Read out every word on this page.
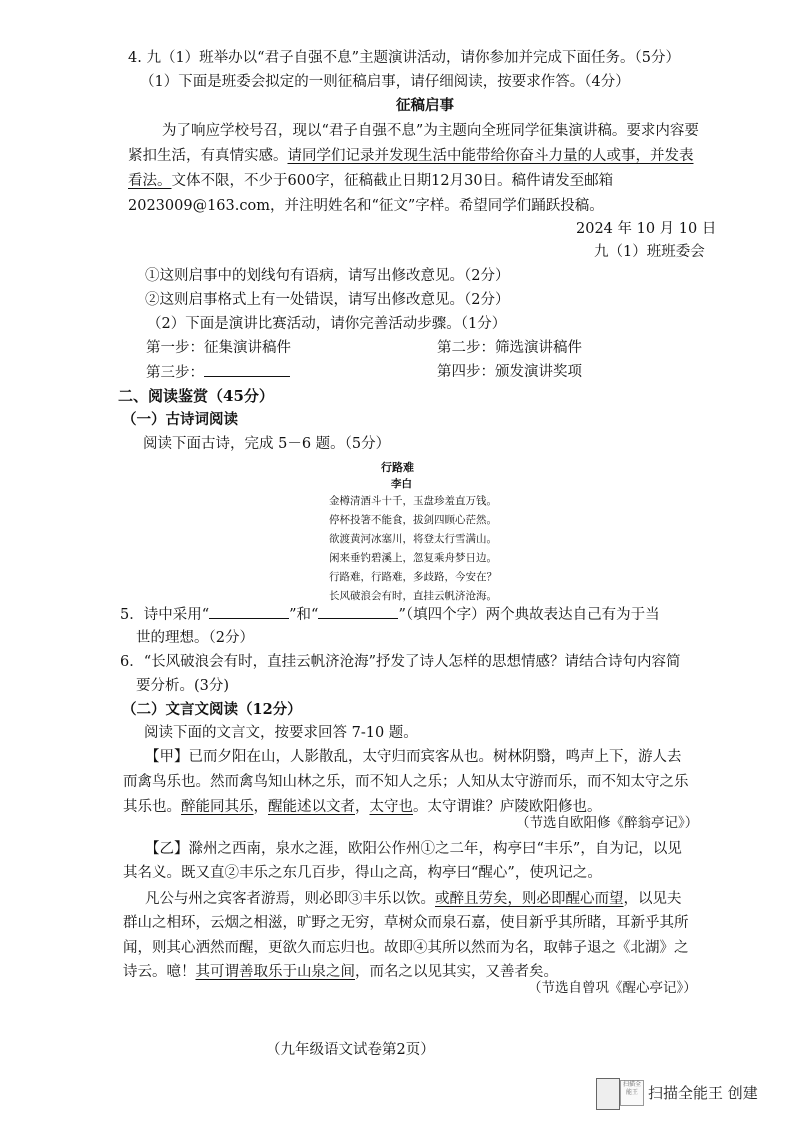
4. 九（1）班举办以“君子自强不息”主题演讲活动，请你参加并完成下面任务。（5分）
（1）下面是班委会拟定的一则征稿启事，请仔细阅读，按要求作答。（4分）
征稿启事
为了响应学校号召，现以“君子自强不息”为主题向全班同学征集演讲稿。要求内容要
紧扣生活，有真情实感。请同学们记录并发现生活中能带给你奋斗力量的人或事，并发表
看法。文体不限，不少于600字，征稿截止日期12月30日。稿件请发至邮箱
2023009@163.com，并注明姓名和“征文”字样。希望同学们踊跃投稿。
2024 年 10 月 10 日
九（1）班班委会
①这则启事中的划线句有语病，请写出修改意见。（2分）
②这则启事格式上有一处错误，请写出修改意见。（2分）
（2）下面是演讲比赛活动，请你完善活动步骤。（1分）
第一步：征集演讲稿件	第二步：筛选演讲稿件
第三步：	第四步：颁发演讲奖项
二、阅读鉴赏（45分）
（一）古诗词阅读
阅读下面古诗，完成 5－6 题。（5分）
行路难
李白
金樽清酒斗十千，玉盘珍羞直万钱。
停杯投箸不能食，拔剑四顾心茫然。
欲渡黄河冰塞川，将登太行雪满山。
闲来垂钓碧溪上，忽复乘舟梦日边。
行路难，行路难，多歧路，今安在？
长风破浪会有时，直挂云帆济沧海。
5．诗中采用“	”和“	”（填四个字）两个典故表达自己有为于当
世的理想。（2分）
6．“长风破浪会有时，直挂云帆济沧海”抒发了诗人怎样的思想情感？请结合诗句内容简
要分析。(3分)
（二）文言文阅读（12分）
阅读下面的文言文，按要求回答 7-10 题。
【甲】已而夕阳在山，人影散乱，太守归而宾客从也。树林阴翳，鸣声上下，游人去
而禽鸟乐也。然而禽鸟知山林之乐，而不知人之乐；人知从太守游而乐，而不知太守之乐
其乐也。醉能同其乐，醒能述以文者，太守也。太守谓谁？庐陵欧阳修也。
（节选自欧阳修《醉翁亭记》）
【乙】滁州之西南，泉水之涯，欧阳公作州①之二年，构亭曰“丰乐”，自为记，以见
其名义。既又直②丰乐之东几百步，得山之高，构亭曰“醒心”，使巩记之。
凡公与州之宾客者游焉，则必即③丰乐以饮。或醉且劳矣，则必即醒心而望，以见夫
群山之相环，云烟之相滋，旷野之无穷，草树众而泉石嘉，使目新乎其所睹，耳新乎其所
闻，则其心洒然而醒，更欲久而忘归也。故即④其所以然而为名，取韩子退之《北湖》之
诗云。噫！其可谓善取乐于山泉之间，而名之以见其实，又善者矣。
（节选自曾巩《醒心亭记》）
（九年级语文试卷第2页）
扫描全能王 扫描全能王 创建
